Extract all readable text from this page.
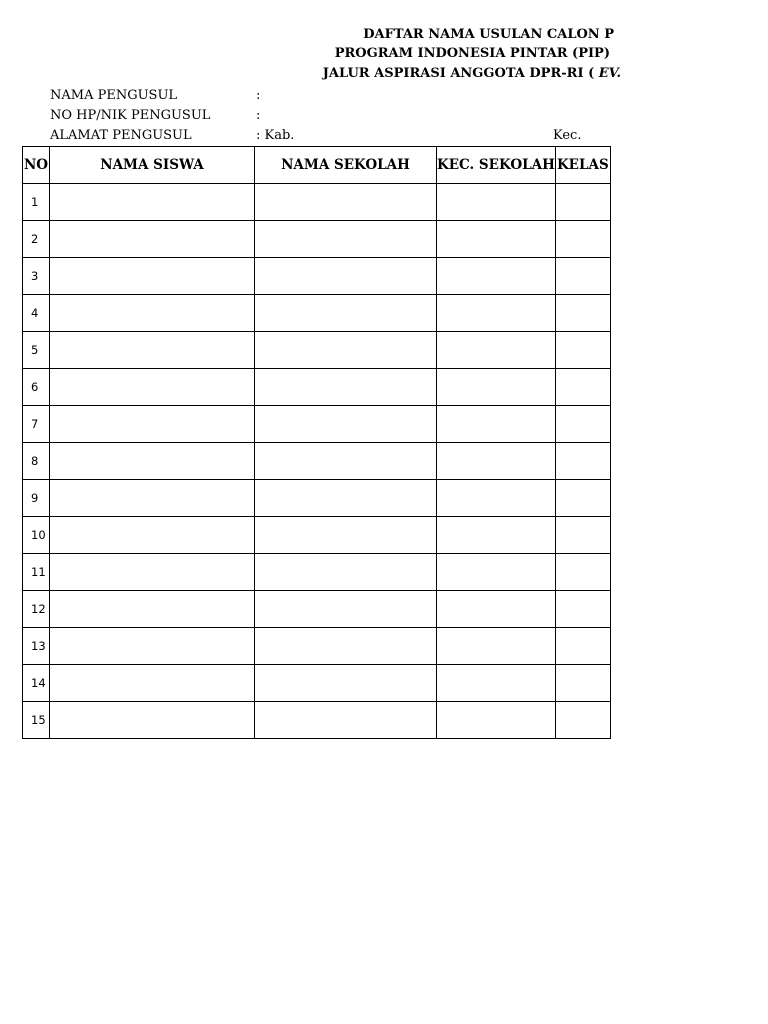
DAFTAR NAMA USULAN CALON P
PROGRAM INDONESIA PINTAR (PIP)
JALUR ASPIRASI ANGGOTA DPR-RI ( EV.
NAMA PENGUSUL	:
NO HP/NIK PENGUSUL	:
ALAMAT PENGUSUL	: Kab.	Kec.
NO	NAMA SISWA	NAMA SEKOLAH	KEC. SEKOLAH	KELAS
1				
2				
3				
4				
5				
6				
7				
8				
9				
10				
11				
12				
13				
14				
15				
